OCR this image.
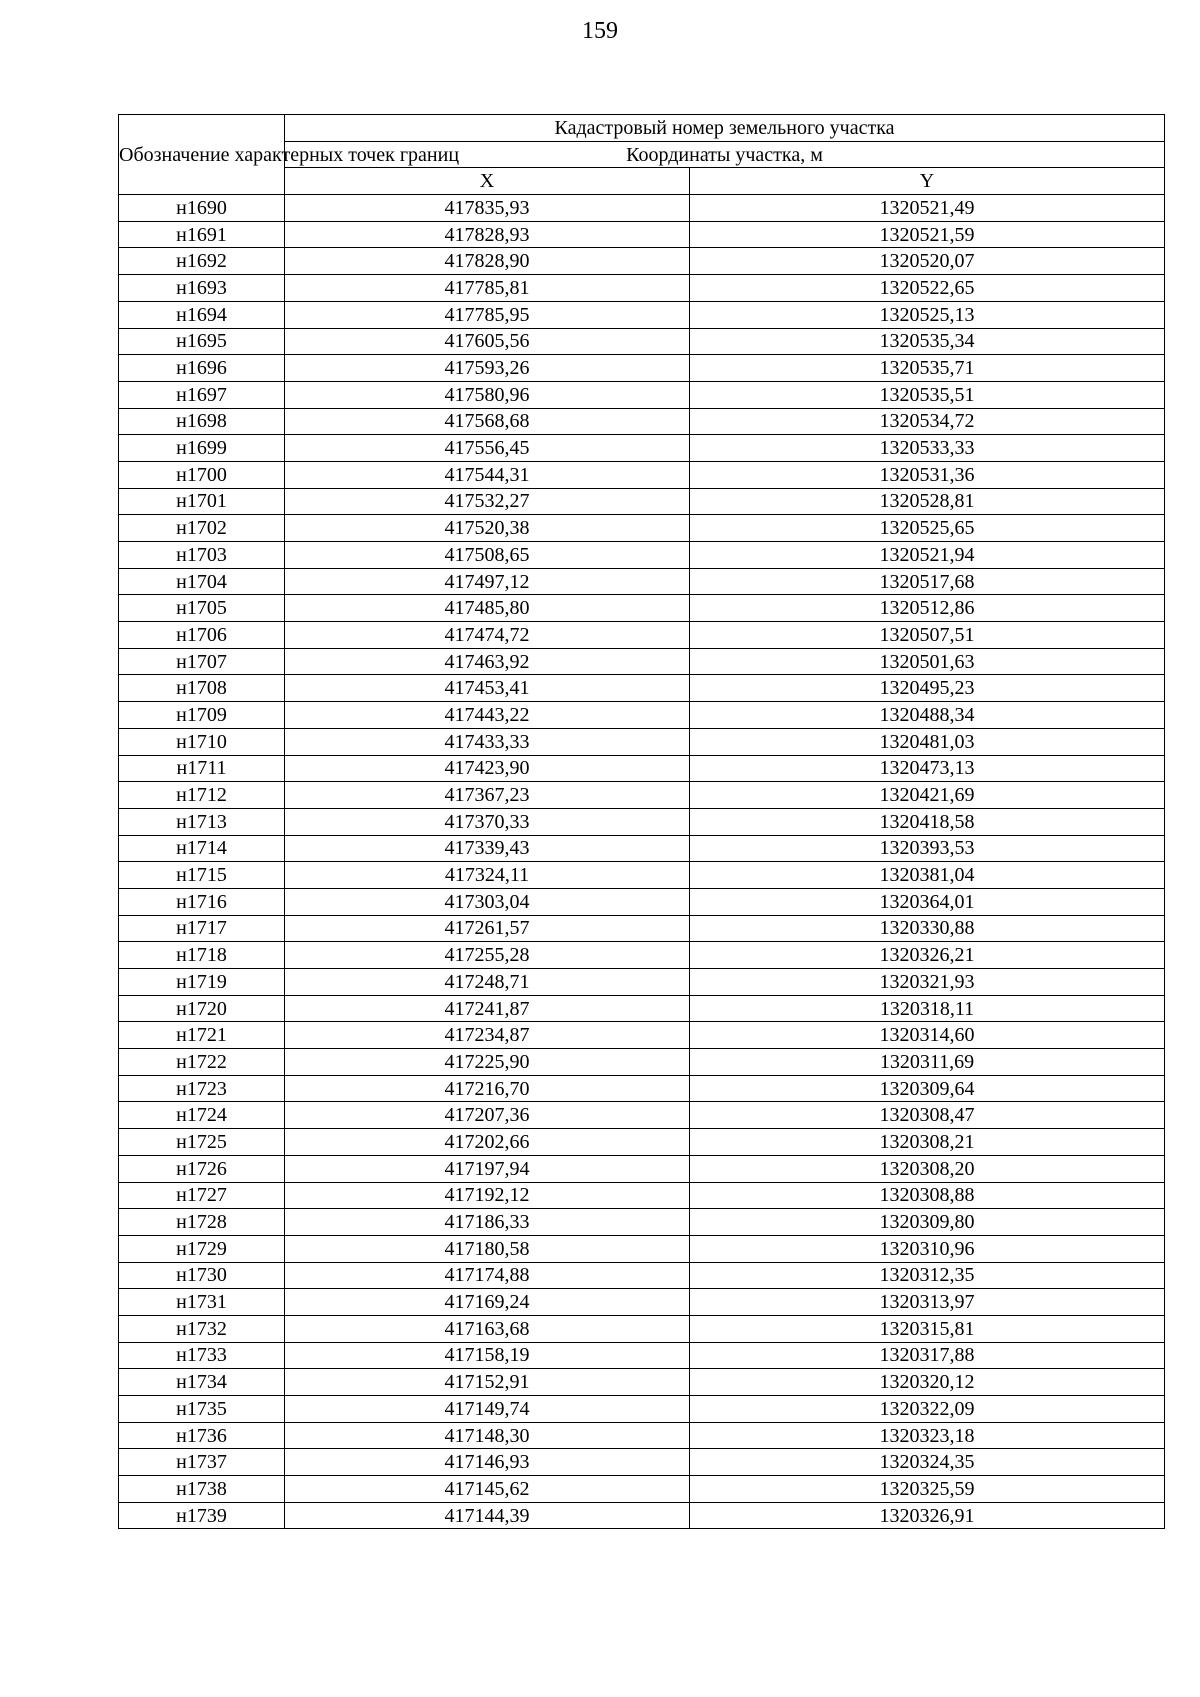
159
Обозначение характерных точек границ	Кадастровый номер земельного участка	
	Координаты участка, м	
	X	Y
н1690	417835,93	1320521,49
н1691	417828,93	1320521,59
н1692	417828,90	1320520,07
н1693	417785,81	1320522,65
н1694	417785,95	1320525,13
н1695	417605,56	1320535,34
н1696	417593,26	1320535,71
н1697	417580,96	1320535,51
н1698	417568,68	1320534,72
н1699	417556,45	1320533,33
н1700	417544,31	1320531,36
н1701	417532,27	1320528,81
н1702	417520,38	1320525,65
н1703	417508,65	1320521,94
н1704	417497,12	1320517,68
н1705	417485,80	1320512,86
н1706	417474,72	1320507,51
н1707	417463,92	1320501,63
н1708	417453,41	1320495,23
н1709	417443,22	1320488,34
н1710	417433,33	1320481,03
н1711	417423,90	1320473,13
н1712	417367,23	1320421,69
н1713	417370,33	1320418,58
н1714	417339,43	1320393,53
н1715	417324,11	1320381,04
н1716	417303,04	1320364,01
н1717	417261,57	1320330,88
н1718	417255,28	1320326,21
н1719	417248,71	1320321,93
н1720	417241,87	1320318,11
н1721	417234,87	1320314,60
н1722	417225,90	1320311,69
н1723	417216,70	1320309,64
н1724	417207,36	1320308,47
н1725	417202,66	1320308,21
н1726	417197,94	1320308,20
н1727	417192,12	1320308,88
н1728	417186,33	1320309,80
н1729	417180,58	1320310,96
н1730	417174,88	1320312,35
н1731	417169,24	1320313,97
н1732	417163,68	1320315,81
н1733	417158,19	1320317,88
н1734	417152,91	1320320,12
н1735	417149,74	1320322,09
н1736	417148,30	1320323,18
н1737	417146,93	1320324,35
н1738	417145,62	1320325,59
н1739	417144,39	1320326,91
